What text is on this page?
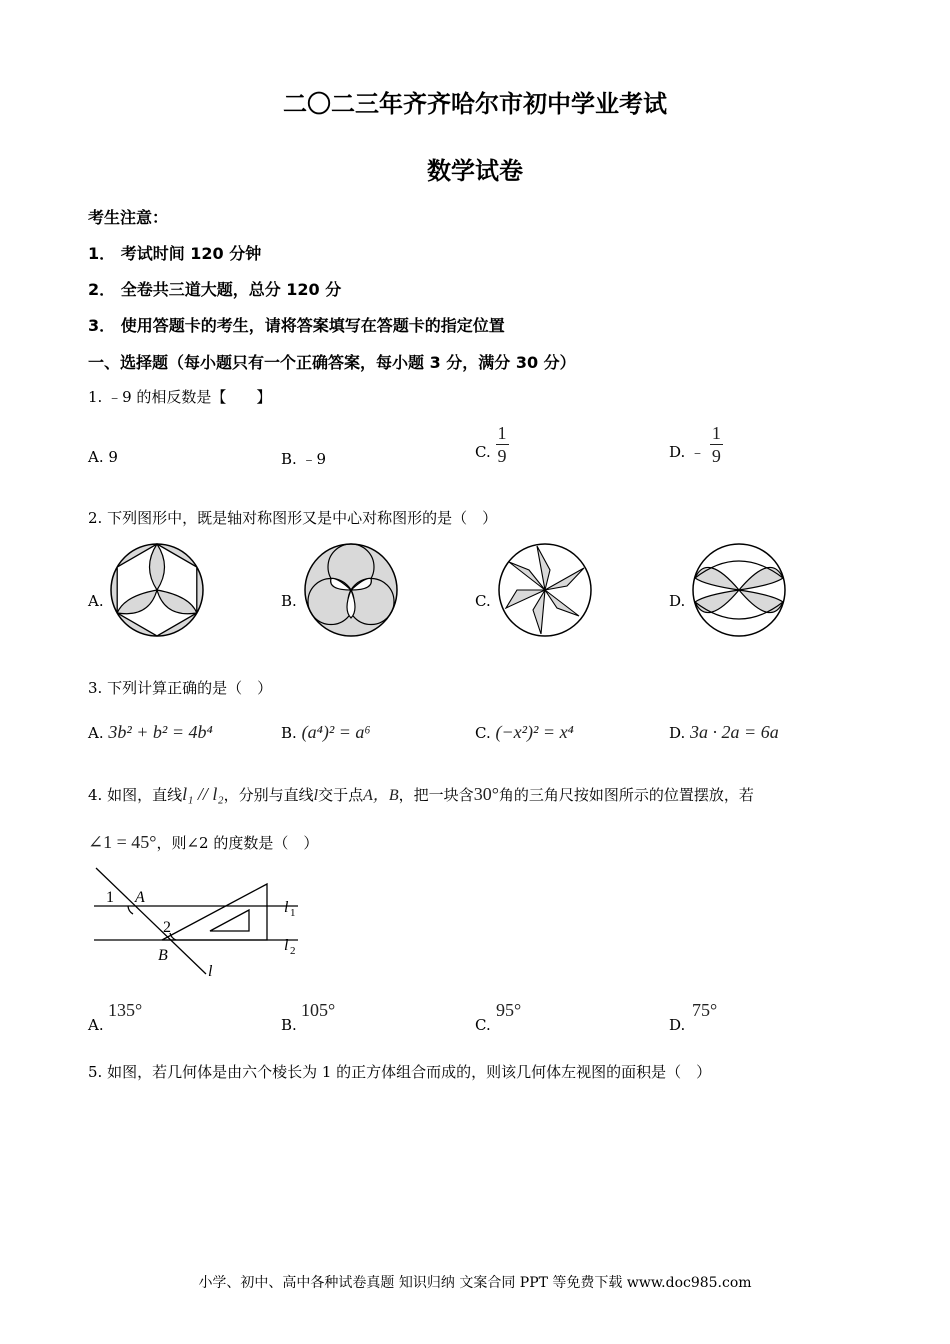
二〇二三年齐齐哈尔市初中学业考试
数学试卷
考生注意：
1． 考试时间 120 分钟
2． 全卷共三道大题，总分 120 分
3． 使用答题卡的考生，请将答案填写在答题卡的指定位置
一、选择题（每小题只有一个正确答案，每小题 3 分，满分 30 分）
1. ﹣9 的相反数是【　　】
A. 9	B. ﹣9	C. $\frac{1}{9}$	D. ﹣ $\frac{1}{9}$
2. 下列图形中，既是轴对称图形又是中心对称图形的是（　）
A.	B.	C.	D.
3. 下列计算正确的是（　）
A. 3b² + b² = 4b⁴	B. (a⁴)² = a⁶	C. (−x²)² = x⁴	D. 3a · 2a = 6a
4. 如图，直线l₁ // l₂，分别与直线l交于点A，B，把一块含30°角的三角尺按如图所示的位置摆放，若
∠1 = 45°，则∠2 的度数是（　）
1 A
2
B
l 1
l 2
l
A.
135°
B.
105°
C.
95°
D.
75°
5. 如图，若几何体是由六个棱长为 1 的正方体组合而成的，则该几何体左视图的面积是（　）
小学、初中、高中各种试卷真题 知识归纳 文案合同 PPT 等免费下载 www.doc985.com
